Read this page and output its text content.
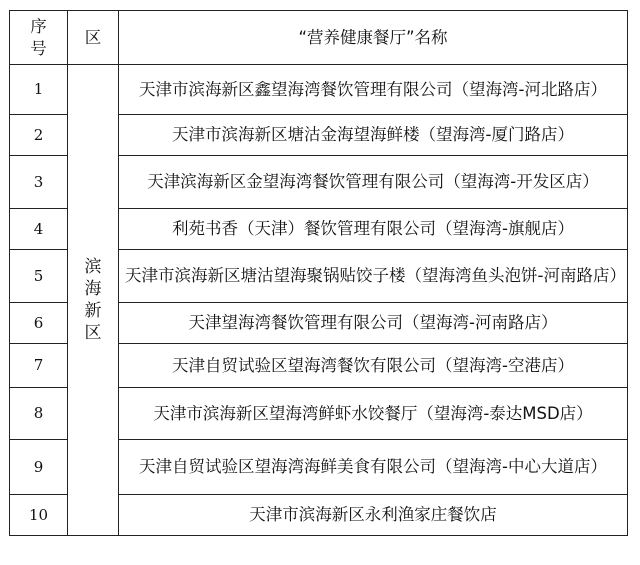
序号	区	“营养健康餐厅”名称
1	滨海新区	天津市滨海新区鑫望海湾餐饮管理有限公司（望海湾-河北路店）
2		天津市滨海新区塘沽金海望海鲜楼（望海湾-厦门路店）
3		天津滨海新区金望海湾餐饮管理有限公司（望海湾-开发区店）
4		利苑书香（天津）餐饮管理有限公司（望海湾-旗舰店）
5		天津市滨海新区塘沽望海聚锅贴饺子楼（望海湾鱼头泡饼-河南路店）
6		天津望海湾餐饮管理有限公司（望海湾-河南路店）
7		天津自贸试验区望海湾餐饮有限公司（望海湾-空港店）
8		天津市滨海新区望海湾鲜虾水饺餐厅（望海湾-泰达MSD店）
9		天津自贸试验区望海湾海鲜美食有限公司（望海湾-中心大道店）
10		天津市滨海新区永利渔家庄餐饮店
